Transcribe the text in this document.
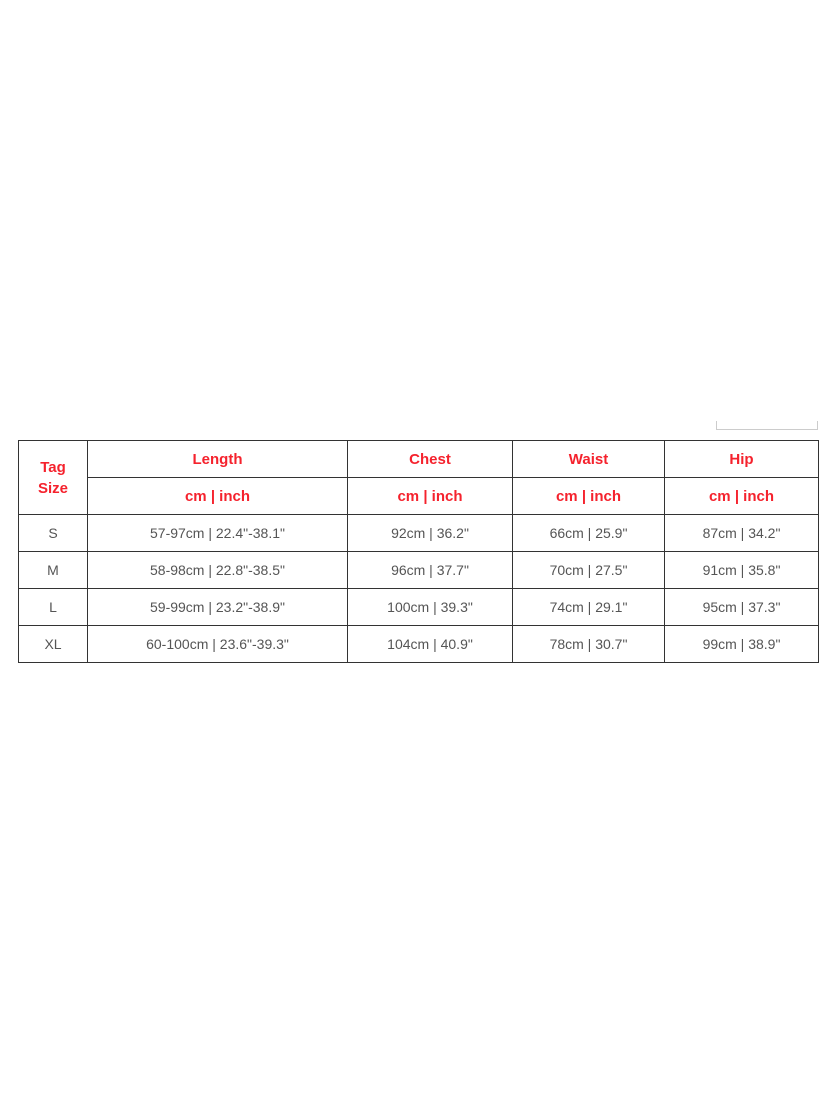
Tag
Size	Length	Chest	Waist	Hip
	cm | inch	cm | inch	cm | inch	cm | inch
S	57-97cm | 22.4"-38.1"	92cm | 36.2"	66cm | 25.9"	87cm | 34.2"
M	58-98cm | 22.8"-38.5"	96cm | 37.7"	70cm | 27.5"	91cm | 35.8"
L	59-99cm | 23.2"-38.9"	100cm | 39.3"	74cm | 29.1"	95cm | 37.3"
XL	60-100cm | 23.6"-39.3"	104cm | 40.9"	78cm | 30.7"	99cm | 38.9"
